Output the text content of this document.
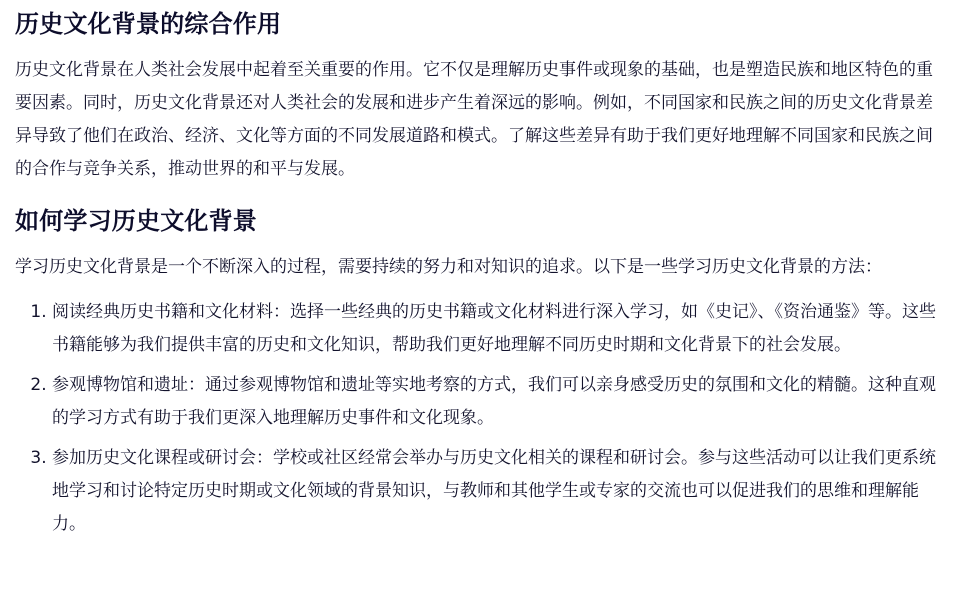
历史文化背景的综合作用

历史文化背景在人类社会发展中起着至关重要的作用。它不仅是理解历史事件或现象的基础，也是塑造民族和地区特色的重要因素。同时，历史文化背景还对人类社会的发展和进步产生着深远的影响。例如，不同国家和民族之间的历史文化背景差异导致了他们在政治、经济、文化等方面的不同发展道路和模式。了解这些差异有助于我们更好地理解不同国家和民族之间的合作与竞争关系，推动世界的和平与发展。

如何学习历史文化背景

学习历史文化背景是一个不断深入的过程，需要持续的努力和对知识的追求。以下是一些学习历史文化背景的方法：

1. 阅读经典历史书籍和文化材料：选择一些经典的历史书籍或文化材料进行深入学习，如《史记》、《资治通鉴》等。这些书籍能够为我们提供丰富的历史和文化知识，帮助我们更好地理解不同历史时期和文化背景下的社会发展。
2. 参观博物馆和遗址：通过参观博物馆和遗址等实地考察的方式，我们可以亲身感受历史的氛围和文化的精髓。这种直观的学习方式有助于我们更深入地理解历史事件和文化现象。
3. 参加历史文化课程或研讨会：学校或社区经常会举办与历史文化相关的课程和研讨会。参与这些活动可以让我们更系统地学习和讨论特定历史时期或文化领域的背景知识，与教师和其他学生或专家的交流也可以促进我们的思维和理解能力。
